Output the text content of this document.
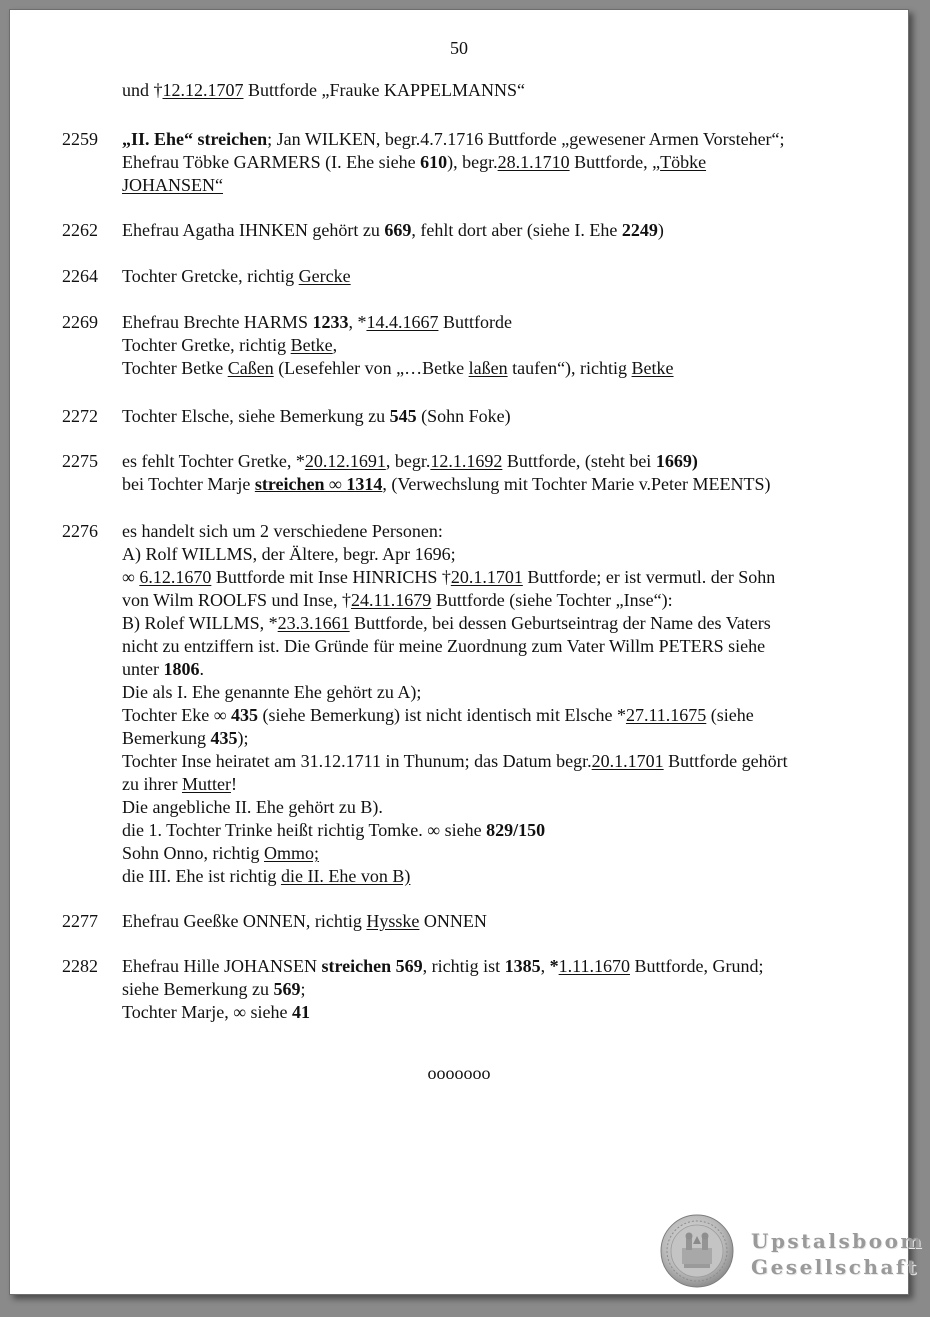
50
und †12.12.1707 Buttforde „Frauke KAPPELMANNS“
2259 „II. Ehe“ streichen; Jan WILKEN, begr.4.7.1716 Buttforde „gewesener Armen Vorsteher“;
Ehefrau Töbke GARMERS (I. Ehe siehe 610), begr.28.1.1710 Buttforde, „Töbke
JOHANSEN“
2262 Ehefrau Agatha IHNKEN gehört zu 669, fehlt dort aber (siehe I. Ehe 2249)
2264 Tochter Gretcke, richtig Gercke
2269 Ehefrau Brechte HARMS 1233, *14.4.1667 Buttforde
Tochter Gretke, richtig Betke,
Tochter Betke Caßen (Lesefehler von „…Betke laßen taufen“), richtig Betke
2272 Tochter Elsche, siehe Bemerkung zu 545 (Sohn Foke)
2275 es fehlt Tochter Gretke, *20.12.1691, begr.12.1.1692 Buttforde, (steht bei 1669)
bei Tochter Marje streichen ∞ 1314, (Verwechslung mit Tochter Marie v.Peter MEENTS)
2276 es handelt sich um 2 verschiedene Personen:
A) Rolf WILLMS, der Ältere, begr. Apr 1696;
∞ 6.12.1670 Buttforde mit Inse HINRICHS †20.1.1701 Buttforde; er ist vermutl. der Sohn
von Wilm ROOLFS und Inse, †24.11.1679 Buttforde (siehe Tochter „Inse“):
B) Rolef WILLMS, *23.3.1661 Buttforde, bei dessen Geburtseintrag der Name des Vaters
nicht zu entziffern ist. Die Gründe für meine Zuordnung zum Vater Willm PETERS siehe
unter 1806.
Die als I. Ehe genannte Ehe gehört zu A);
Tochter Eke ∞ 435 (siehe Bemerkung) ist nicht identisch mit Elsche *27.11.1675 (siehe
Bemerkung 435);
Tochter Inse heiratet am 31.12.1711 in Thunum; das Datum begr.20.1.1701 Buttforde gehört
zu ihrer Mutter!
Die angebliche II. Ehe gehört zu B).
die 1. Tochter Trinke heißt richtig Tomke. ∞ siehe 829/150
Sohn Onno, richtig Ommo;
die III. Ehe ist richtig die II. Ehe von B)
2277 Ehefrau Geeßke ONNEN, richtig Hysske ONNEN
2282 Ehefrau Hille JOHANSEN streichen 569, richtig ist 1385, *1.11.1670 Buttforde, Grund;
siehe Bemerkung zu 569;
Tochter Marje, ∞ siehe 41
ooooooo
Upstalsboom
Gesellschaft
